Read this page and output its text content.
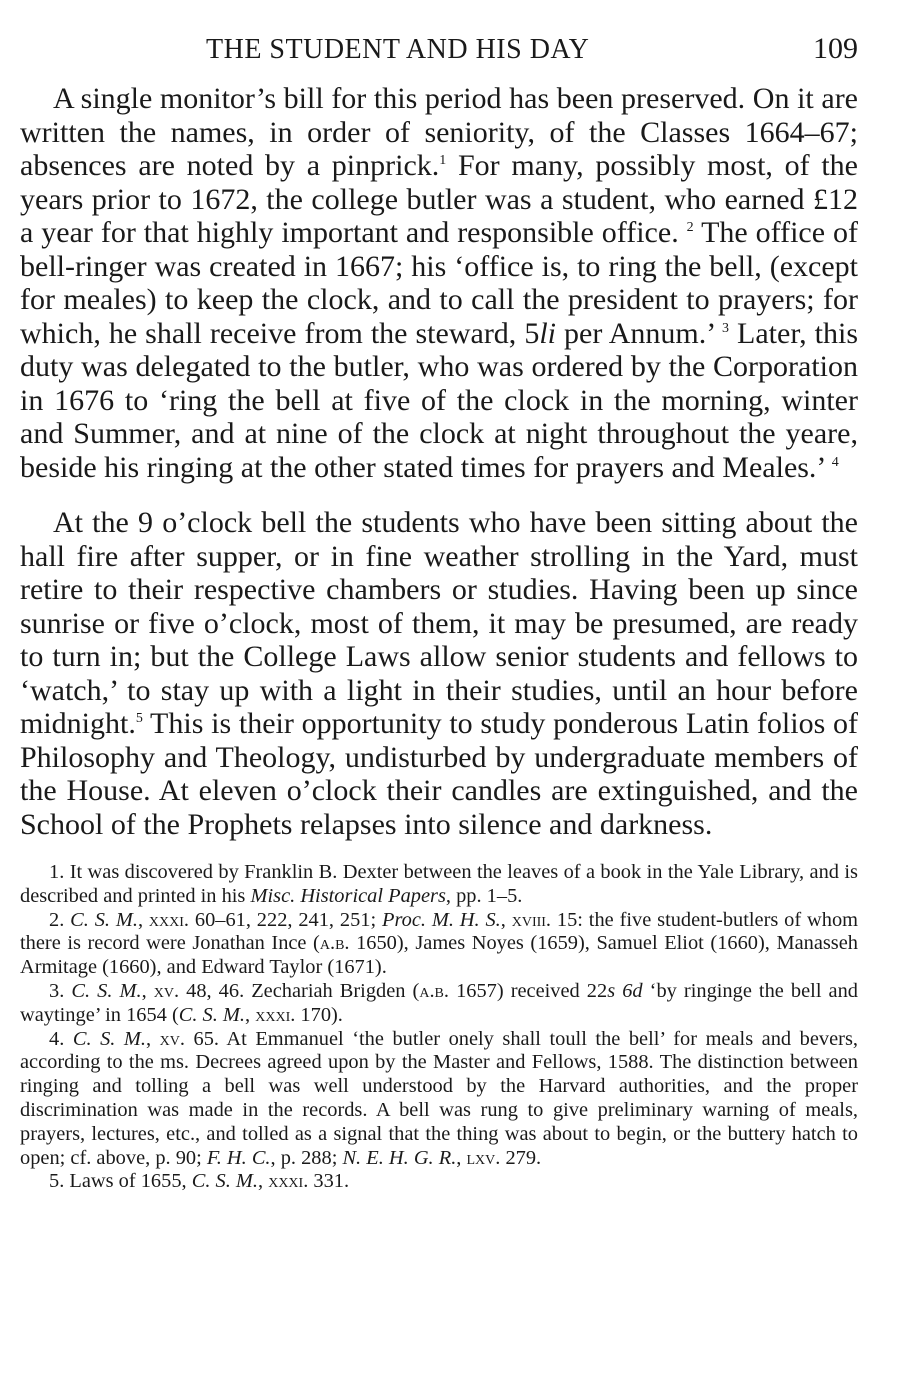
THE STUDENT AND HIS DAY	109

A single monitor’s bill for this period has been preserved. On it are written the names, in order of seniority, of the Classes 1664–67; absences are noted by a pinprick.$^1$ For many, possibly most, of the years prior to 1672, the college butler was a student, who earned £12 a year for that highly important and responsible office. $^2$ The office of bell-ringer was created in 1667; his ‘office is, to ring the bell, (except for meales) to keep the clock, and to call the president to prayers; for which, he shall receive from the steward, 5li per Annum.’ $^3$ Later, this duty was delegated to the butler, who was ordered by the Corporation in 1676 to ‘ring the bell at five of the clock in the morning, winter and Summer, and at nine of the clock at night throughout the yeare, beside his ringing at the other stated times for prayers and Meales.’ $^4$

At the 9 o’clock bell the students who have been sitting about the hall fire after supper, or in fine weather strolling in the Yard, must retire to their respective chambers or studies. Having been up since sunrise or five o’clock, most of them, it may be presumed, are ready to turn in; but the College Laws allow senior students and fellows to ‘watch,’ to stay up with a light in their studies, until an hour before midnight.$^5$ This is their opportunity to study ponderous Latin folios of Philosophy and Theology, undisturbed by undergraduate members of the House. At eleven o’clock their candles are extinguished, and the School of the Prophets relapses into silence and darkness.

1. It was discovered by Franklin B. Dexter between the leaves of a book in the Yale Library, and is described and printed in his Misc. Historical Papers, pp. 1–5.

2. C. S. M., xxxi. 60–61, 222, 241, 251; Proc. M. H. S., xviii. 15: the five student-butlers of whom there is record were Jonathan Ince (a.b. 1650), James Noyes (1659), Samuel Eliot (1660), Manasseh Armitage (1660), and Edward Taylor (1671).

3. C. S. M., xv. 48, 46. Zechariah Brigden (a.b. 1657) received 22s 6d ‘by ringinge the bell and waytinge’ in 1654 (C. S. M., xxxi. 170).

4. C. S. M., xv. 65. At Emmanuel ‘the butler onely shall toull the bell’ for meals and bevers, according to the ms. Decrees agreed upon by the Master and Fellows, 1588. The distinction between ringing and tolling a bell was well understood by the Harvard authorities, and the proper discrimination was made in the records. A bell was rung to give preliminary warning of meals, prayers, lectures, etc., and tolled as a signal that the thing was about to begin, or the buttery hatch to open; cf. above, p. 90; F. H. C., p. 288; N. E. H. G. R., lxv. 279.

5. Laws of 1655, C. S. M., xxxi. 331.
